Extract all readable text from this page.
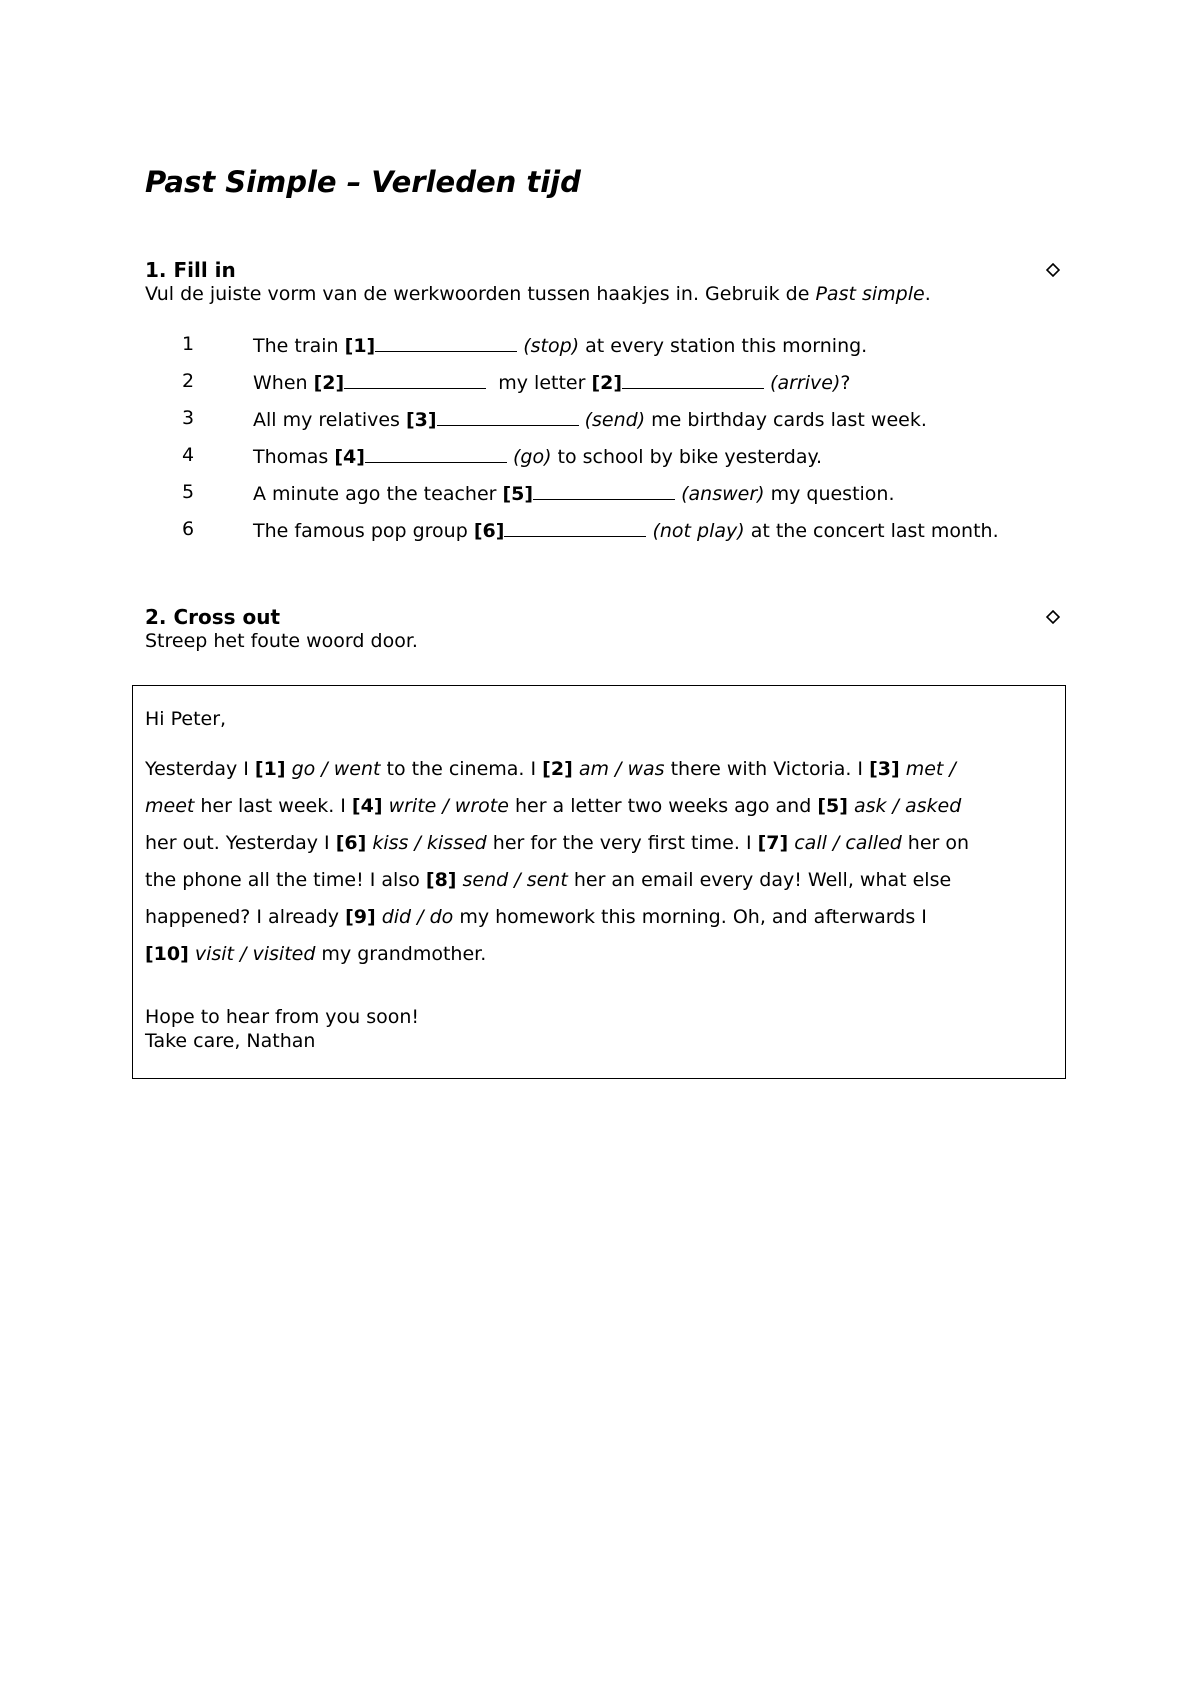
Past Simple – Verleden tijd
1. Fill in
Vul de juiste vorm van de werkwoorden tussen haakjes in. Gebruik de Past simple.
1	The train [1]	(stop) at every station this morning.
2	When [2]	my letter [2]	(arrive)?
3	All my relatives [3]	(send) me birthday cards last week.
4	Thomas [4]	(go) to school by bike yesterday.
5	A minute ago the teacher [5]	(answer) my question.
6	The famous pop group [6]	(not play) at the concert last month.
2. Cross out
Streep het foute woord door.
Hi Peter,
Yesterday I [1] go / went to the cinema. I [2] am / was there with Victoria. I [3] met /
meet her last week. I [4] write / wrote her a letter two weeks ago and [5] ask / asked
her out. Yesterday I [6] kiss / kissed her for the very first time. I [7] call / called her on
the phone all the time! I also [8] send / sent her an email every day! Well, what else
happened? I already [9] did / do my homework this morning. Oh, and afterwards I
[10] visit / visited my grandmother.
Hope to hear from you soon!
Take care, Nathan
